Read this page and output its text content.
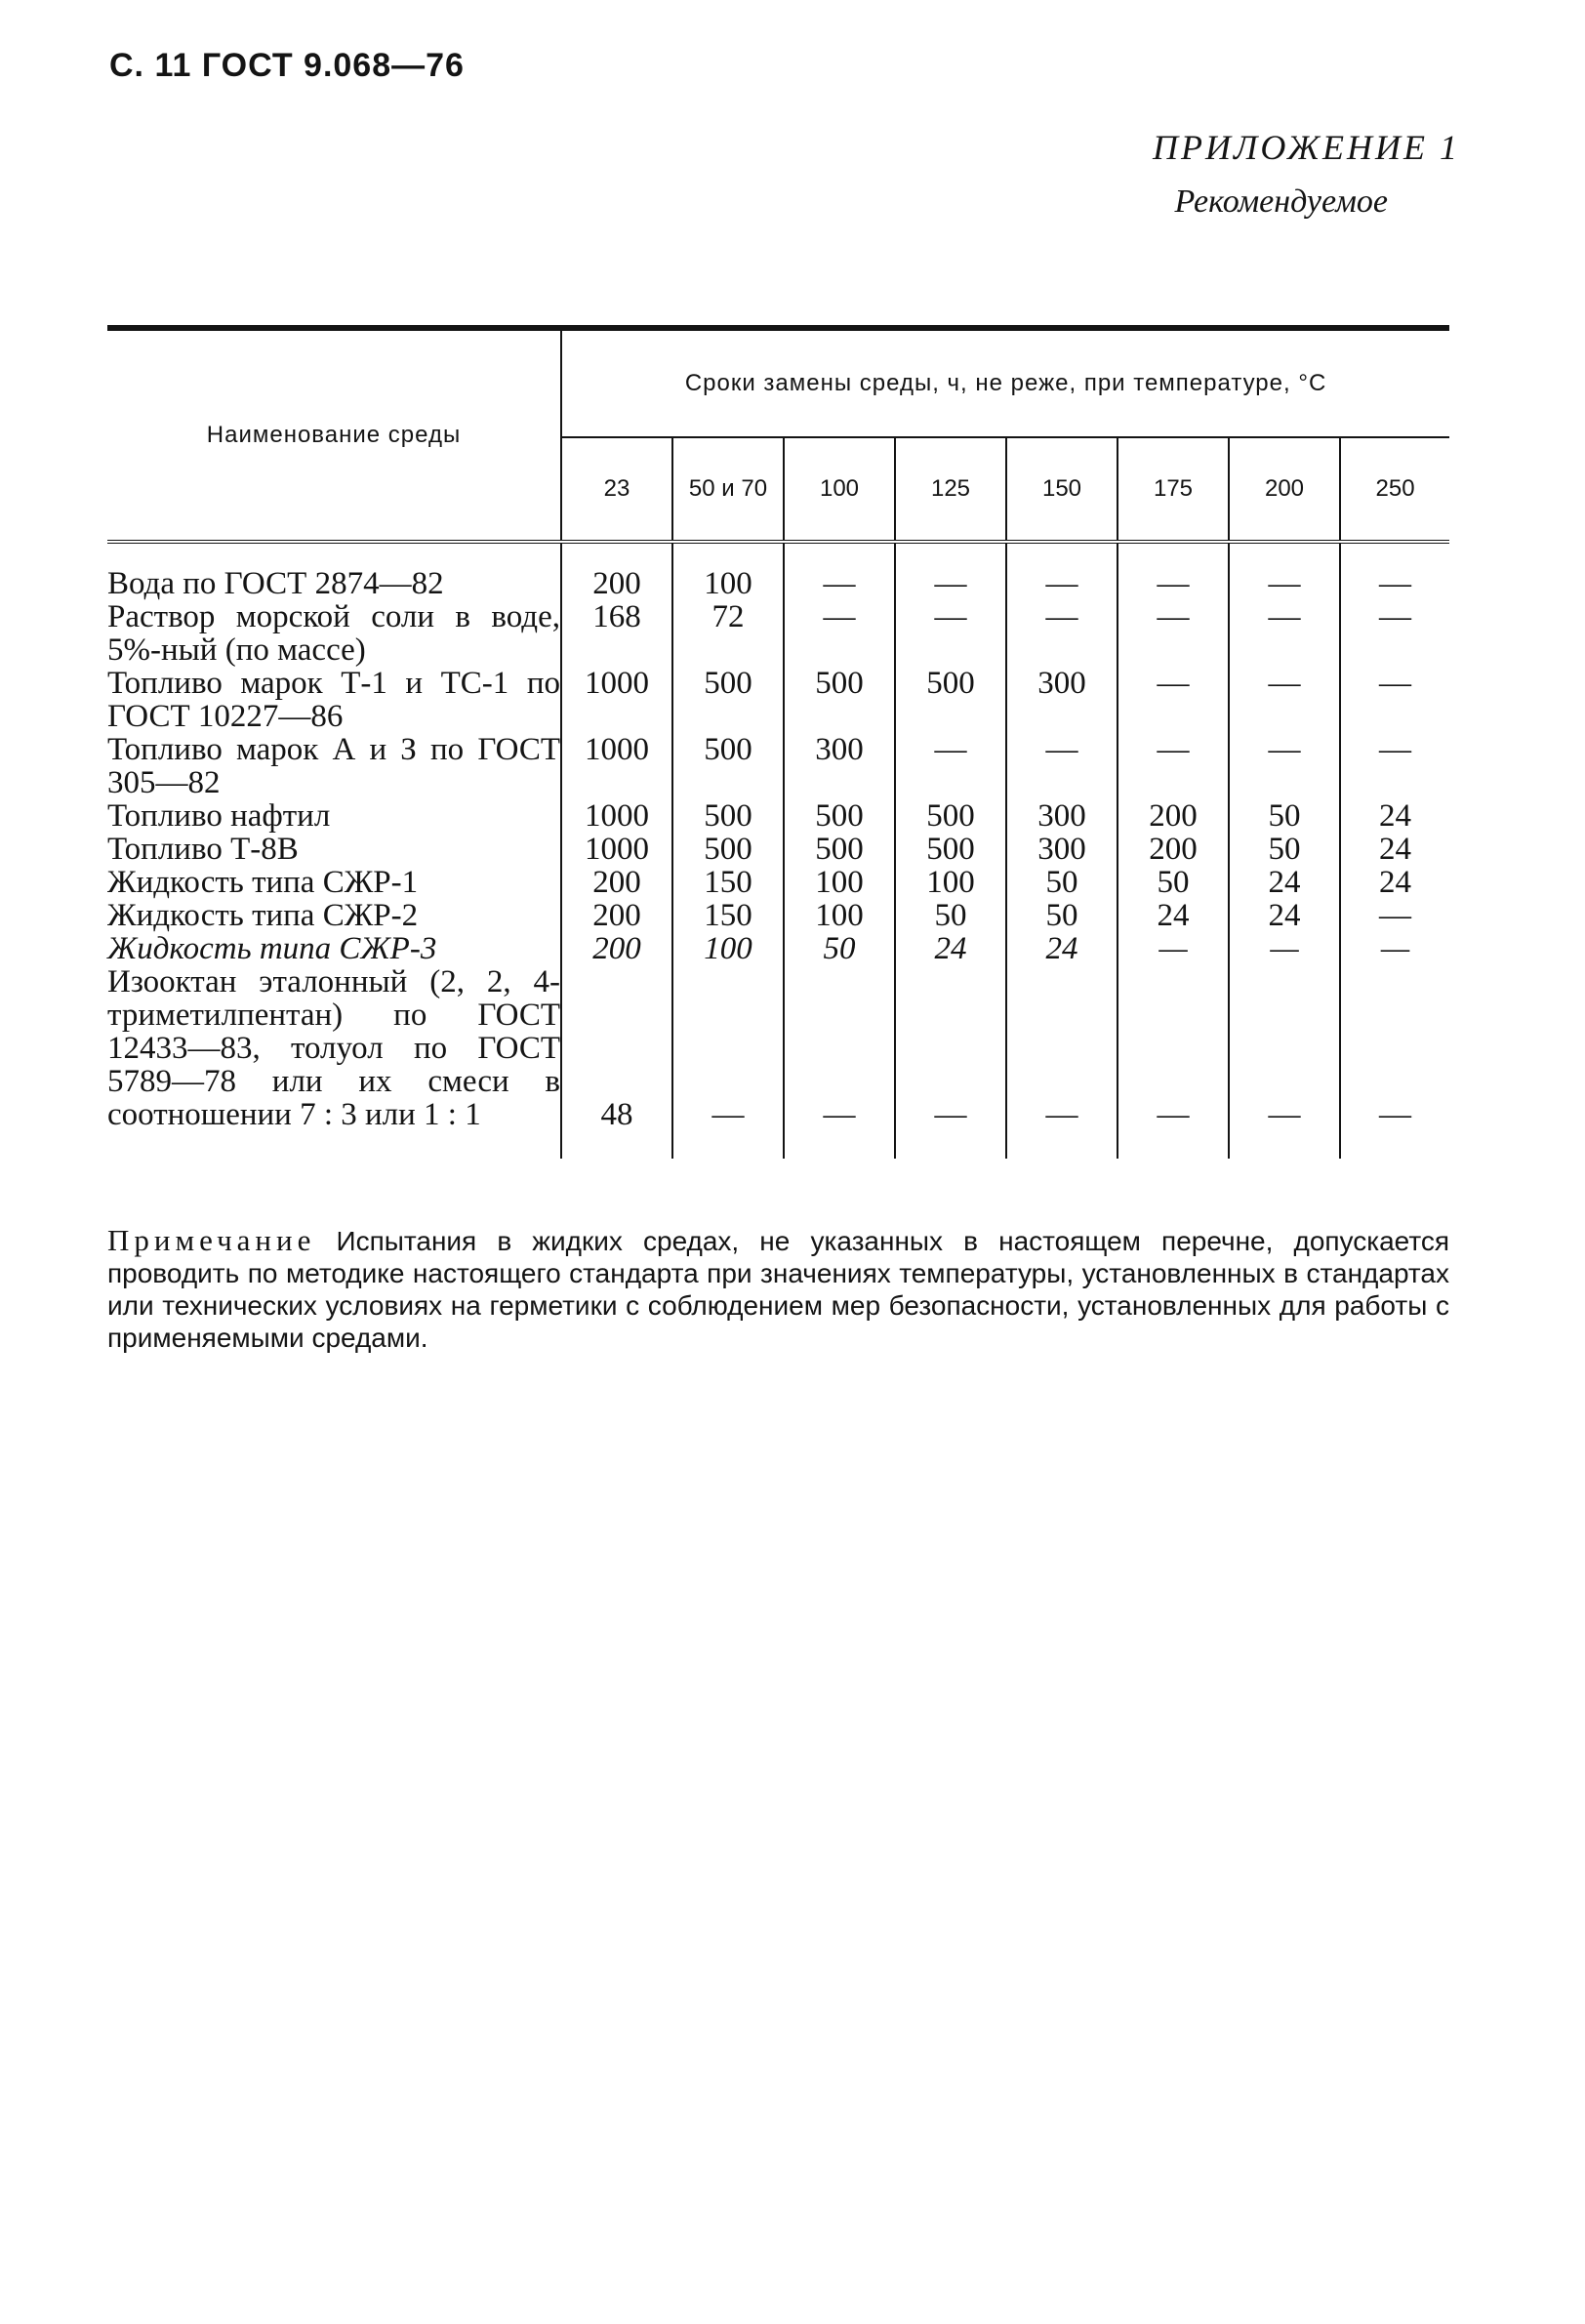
С. 11 ГОСТ 9.068—76
ПРИЛОЖЕНИЕ 1
Рекомендуемое
Наименование среды	Сроки замены среды, ч, не реже, при температуре, °С							
	23	50 и 70	100	125	150	175	200	250
Вода по ГОСТ 2874—82	200	100	—	—	—	—	—	—
Раствор морской соли в воде, 5%-ный (по массе)	168	72	—	—	—	—	—	—
Топливо марок Т-1 и ТС-1 по ГОСТ 10227—86	1000	500	500	500	300	—	—	—
Топливо марок А и З по ГОСТ 305—82	1000	500	300	—	—	—	—	—
Топливо нафтил	1000	500	500	500	300	200	50	24
Топливо Т-8В	1000	500	500	500	300	200	50	24
Жидкость типа СЖР-1	200	150	100	100	50	50	24	24
Жидкость типа СЖР-2	200	150	100	50	50	24	24	—
Жидкость типа СЖР-3	200	100	50	24	24	—	—	—
Изооктан эталонный (2, 2, 4-триметилпентан) по ГОСТ 12433—83, толуол по ГОСТ 5789—78 или их смеси в соотношении 7 : 3 или 1 : 1	48	—	—	—	—	—	—	—
Примечание Испытания в жидких средах, не указанных в настоящем перечне, допускается проводить по методике настоящего стандарта при значениях температуры, установленных в стандартах или технических условиях на герметики с соблюдением мер безопасности, установленных для работы с применяемыми средами.
